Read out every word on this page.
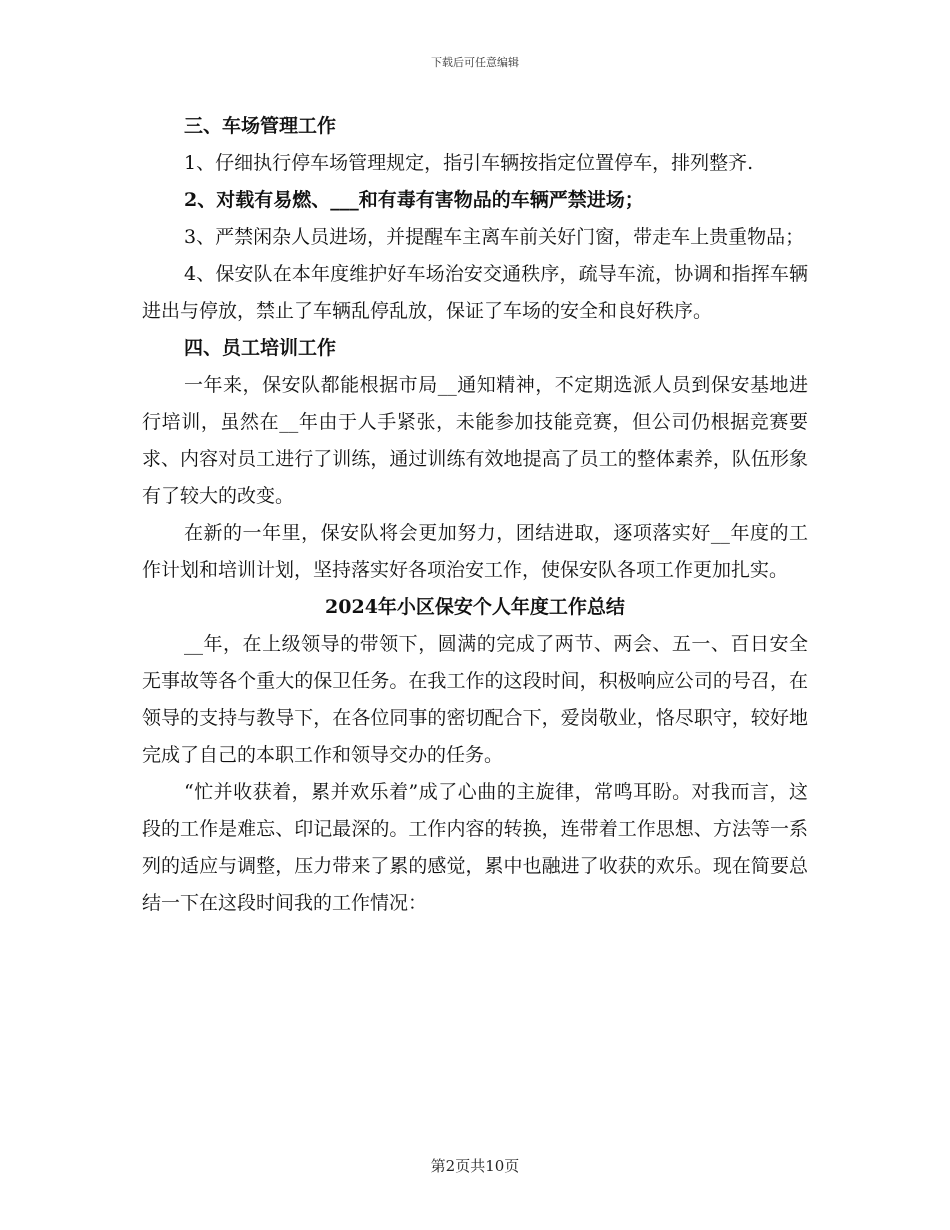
下载后可任意编辑

三、车场管理工作

1、仔细执行停车场管理规定，指引车辆按指定位置停车，排列整齐.

2、对载有易燃、___和有毒有害物品的车辆严禁进场；

3、严禁闲杂人员进场，并提醒车主离车前关好门窗，带走车上贵重物品；

4、保安队在本年度维护好车场治安交通秩序，疏导车流，协调和指挥车辆进出与停放，禁止了车辆乱停乱放，保证了车场的安全和良好秩序。

四、员工培训工作

一年来，保安队都能根据市局__通知精神，不定期选派人员到保安基地进行培训，虽然在__年由于人手紧张，未能参加技能竞赛，但公司仍根据竞赛要求、内容对员工进行了训练，通过训练有效地提高了员工的整体素养，队伍形象有了较大的改变。

在新的一年里，保安队将会更加努力，团结进取，逐项落实好__年度的工作计划和培训计划，坚持落实好各项治安工作，使保安队各项工作更加扎实。

2024年小区保安个人年度工作总结

__年，在上级领导的带领下，圆满的完成了两节、两会、五一、百日安全无事故等各个重大的保卫任务。在我工作的这段时间，积极响应公司的号召，在领导的支持与教导下，在各位同事的密切配合下，爱岗敬业，恪尽职守，较好地完成了自己的本职工作和领导交办的任务。

“忙并收获着，累并欢乐着”成了心曲的主旋律，常鸣耳盼。对我而言，这段的工作是难忘、印记最深的。工作内容的转换，连带着工作思想、方法等一系列的适应与调整，压力带来了累的感觉，累中也融进了收获的欢乐。现在简要总结一下在这段时间我的工作情况：

第2页共10页
